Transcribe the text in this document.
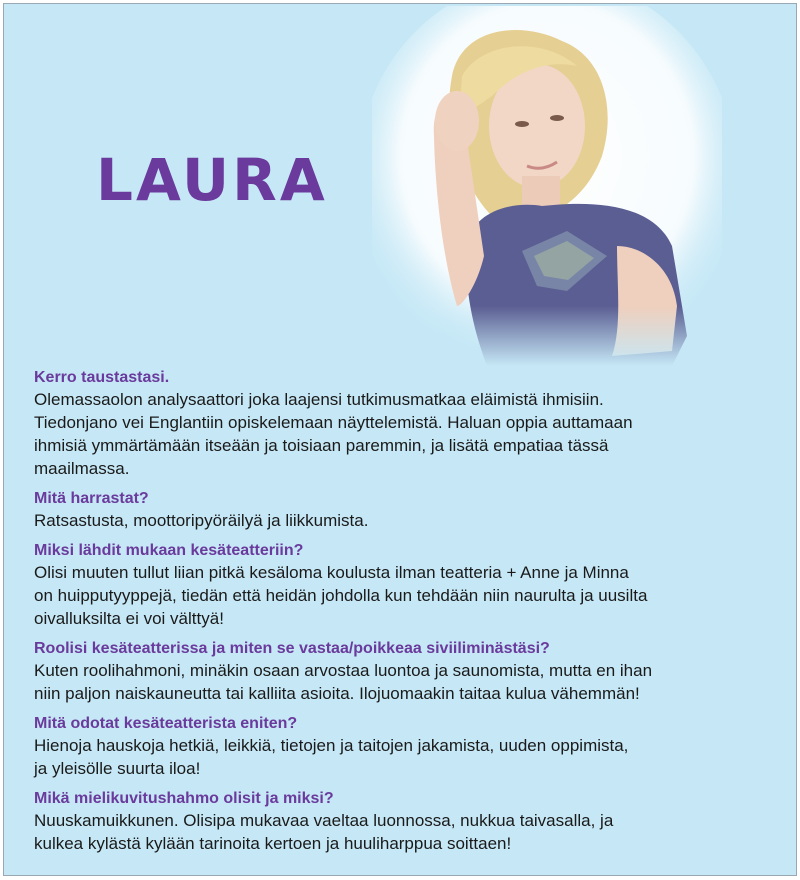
LAURA

Kerro taustastasi.

Olemassaolon analysaattori joka laajensi tutkimusmatkaa eläimistä ihmisiin.

Tiedonjano vei Englantiin opiskelemaan näyttelemistä. Haluan oppia auttamaan

ihmisiä ymmärtämään itseään ja toisiaan paremmin, ja lisätä empatiaa tässä

maailmassa.

Mitä harrastat?

Ratsastusta, moottoripyöräilyä ja liikkumista.

Miksi lähdit mukaan kesäteatteriin?

Olisi muuten tullut liian pitkä kesäloma koulusta ilman teatteria + Anne ja Minna

on huipputyyppejä, tiedän että heidän johdolla kun tehdään niin naurulta ja uusilta

oivalluksilta ei voi välttyä!

Roolisi kesäteatterissa ja miten se vastaa/poikkeaa siviiliminästäsi?

Kuten roolihahmoni, minäkin osaan arvostaa luontoa ja saunomista, mutta en ihan

niin paljon naiskauneutta tai kalliita asioita. Ilojuomaakin taitaa kulua vähemmän!

Mitä odotat kesäteatterista eniten?

Hienoja hauskoja hetkiä, leikkiä, tietojen ja taitojen jakamista, uuden oppimista,

ja yleisölle suurta iloa!

Mikä mielikuvitushahmo olisit ja miksi?

Nuuskamuikkunen. Olisipa mukavaa vaeltaa luonnossa, nukkua taivasalla, ja

kulkea kylästä kylään tarinoita kertoen ja huuliharppua soittaen!
